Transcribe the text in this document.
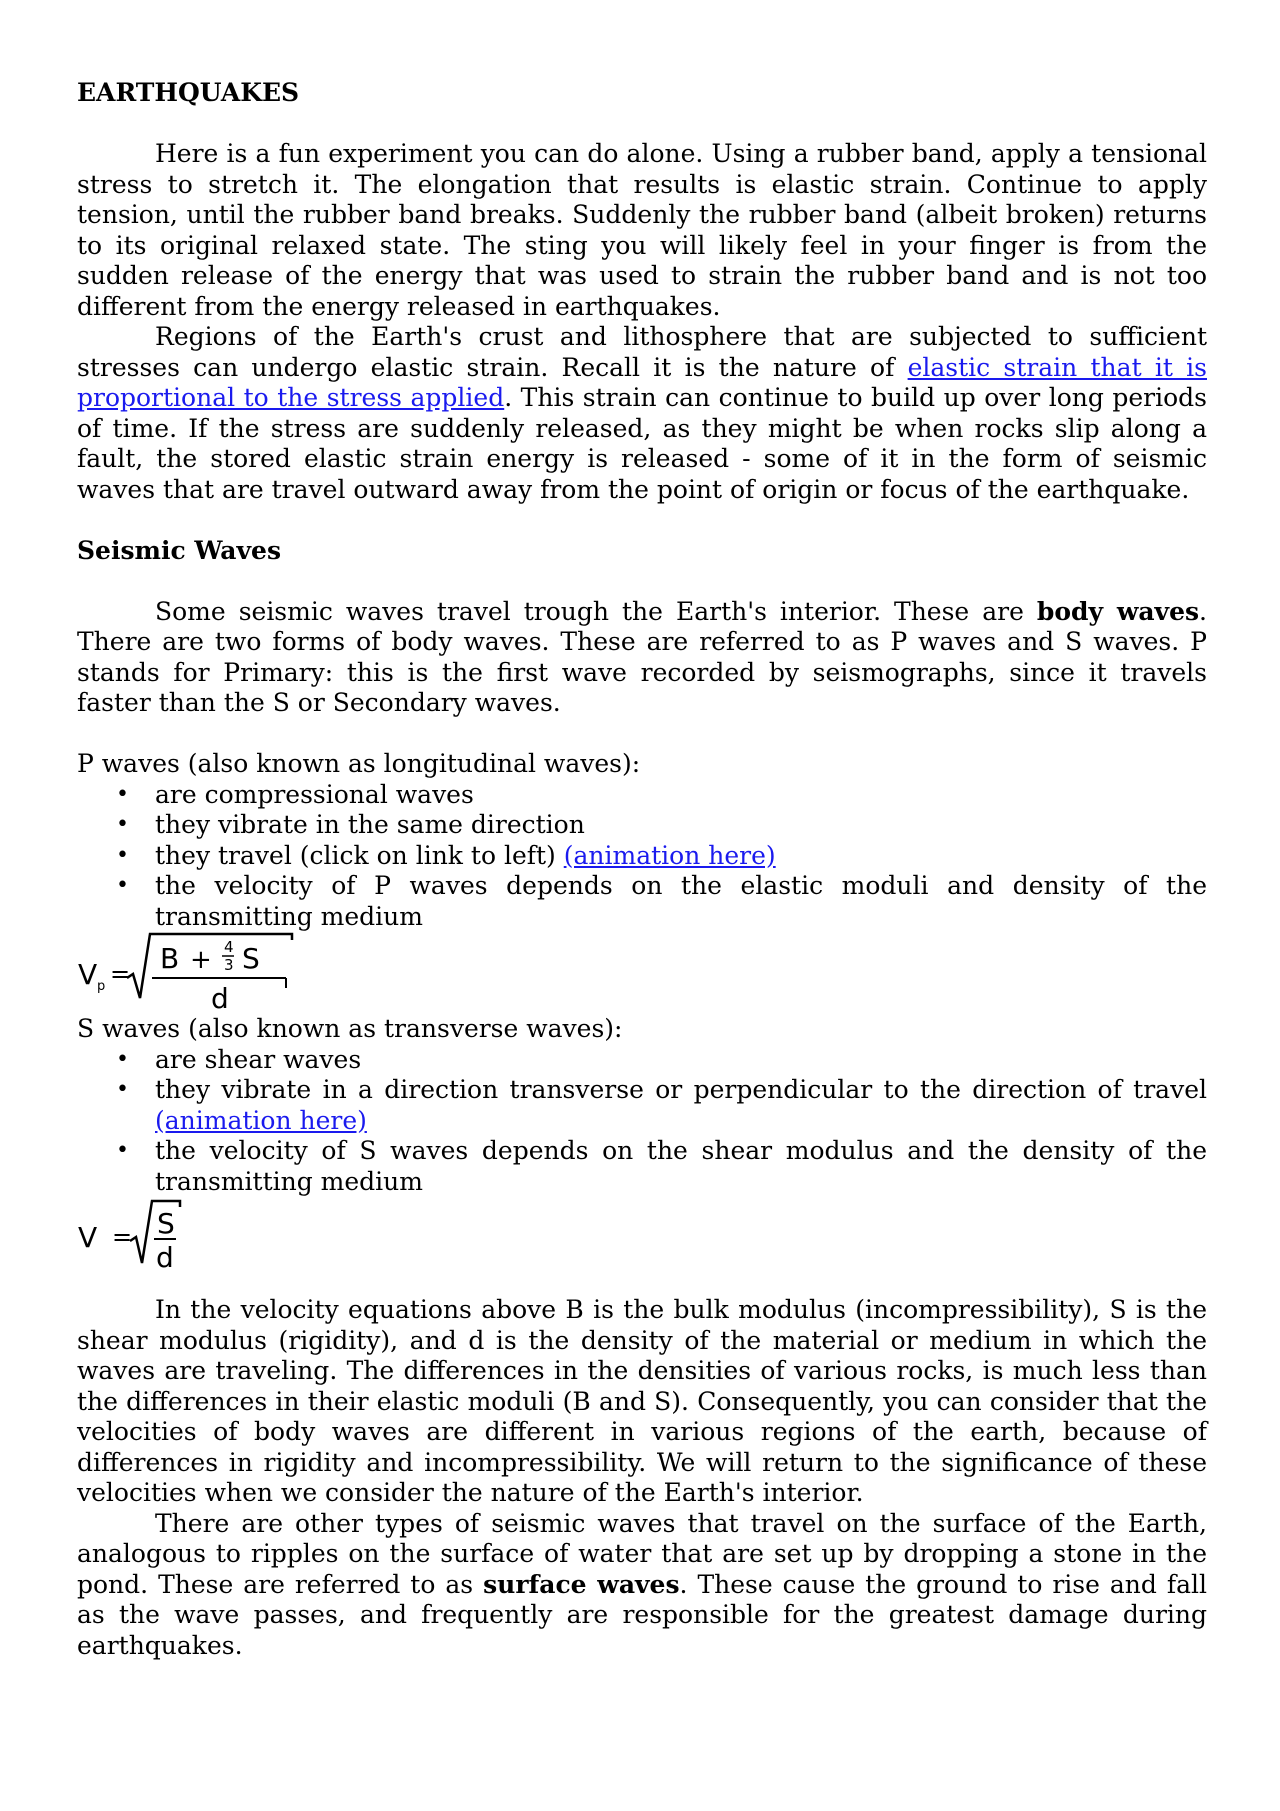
EARTHQUAKES

Here is a fun experiment you can do alone. Using a rubber band, apply a tensional stress to stretch it. The elongation that results is elastic strain. Continue to apply tension, until the rubber band breaks. Suddenly the rubber band (albeit broken) returns to its original relaxed state. The sting you will likely feel in your finger is from the sudden release of the energy that was used to strain the rubber band and is not too different from the energy released in earthquakes.

Regions of the Earth's crust and lithosphere that are subjected to sufficient stresses can undergo elastic strain. Recall it is the nature of elastic strain that it is proportional to the stress applied. This strain can continue to build up over long periods of time. If the stress are suddenly released, as they might be when rocks slip along a fault, the stored elastic strain energy is released - some of it in the form of seismic waves that are travel outward away from the point of origin or focus of the earthquake.

Seismic Waves

Some seismic waves travel trough the Earth's interior. These are body waves. There are two forms of body waves. These are referred to as P waves and S waves. P stands for Primary: this is the first wave recorded by seismographs, since it travels faster than the S or Secondary waves.

P waves (also known as longitudinal waves):

• are compressional waves
• they vibrate in the same direction
• they travel (click on link to left) (animation here)
• the velocity of P waves depends on the elastic moduli and density of the transmitting medium
V p = B + 4
3 S
d

S waves (also known as transverse waves):

• are shear waves
• they vibrate in a direction transverse or perpendicular to the direction of travel (animation here)
• the velocity of S waves depends on the shear modulus and the density of the transmitting medium
V = S
d

In the velocity equations above B is the bulk modulus (incompressibility), S is the shear modulus (rigidity), and d is the density of the material or medium in which the waves are traveling. The differences in the densities of various rocks, is much less than the differences in their elastic moduli (B and S). Consequently, you can consider that the velocities of body waves are different in various regions of the earth, because of differences in rigidity and incompressibility. We will return to the significance of these velocities when we consider the nature of the Earth's interior.

There are other types of seismic waves that travel on the surface of the Earth, analogous to ripples on the surface of water that are set up by dropping a stone in the pond. These are referred to as surface waves. These cause the ground to rise and fall as the wave passes, and frequently are responsible for the greatest damage during earthquakes.
